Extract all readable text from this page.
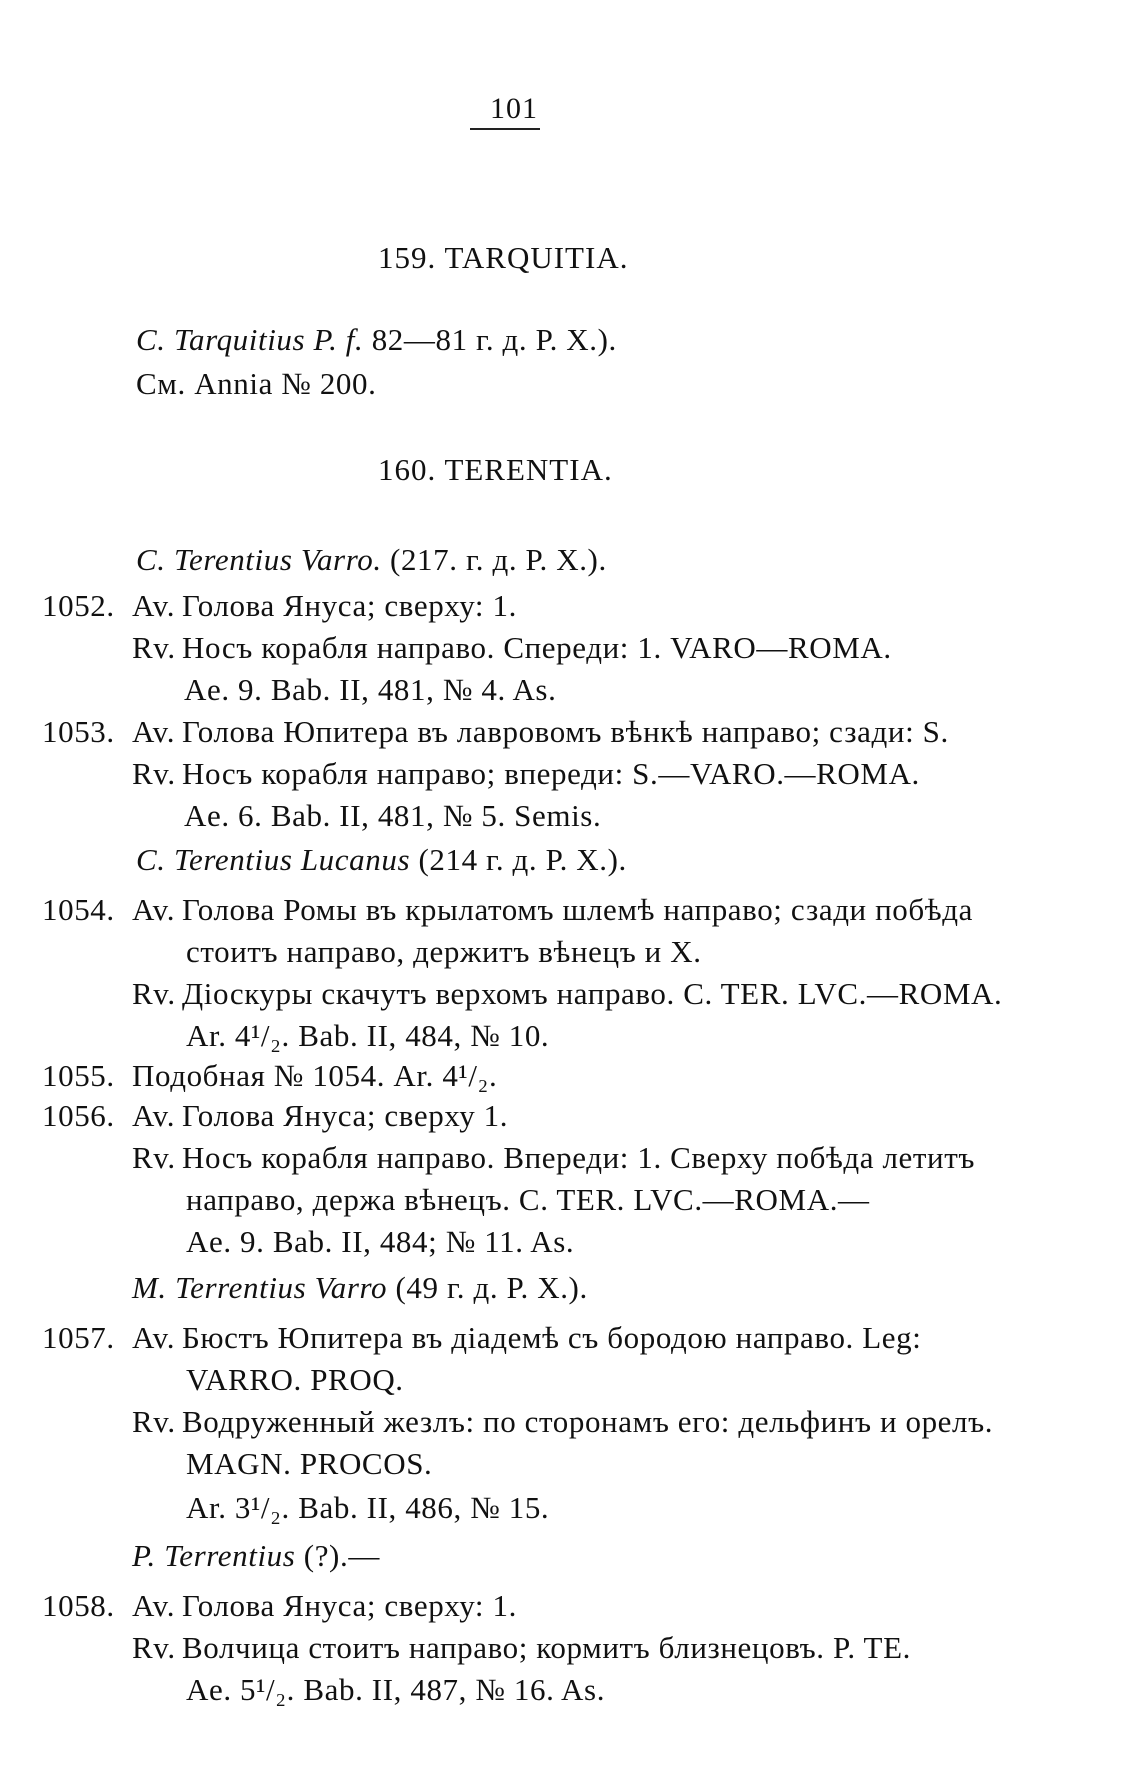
101
159. TARQUITIA.
C. Tarquitius P. f. 82—81 г. д. Р. X.).
См. Annia № 200.
160. TERENTIA.
C. Terentius Varro. (217. г. д. Р. X.).
1052. Av. Голова Януса; сверху: 1.
Rv. Носъ корабля направо. Спереди: 1. VARO—ROMA.
Ae. 9. Bab. II, 481, № 4. As.
1053. Av. Голова Юпитера въ лавровомъ вѣнкѣ направо; сзади: S.
Rv. Носъ корабля направо; впереди: S.—VARO.—ROMA.
Ae. 6. Bab. II, 481, № 5. Semis.
C. Terentius Lucanus (214 г. д. Р. X.).
1054. Av. Голова Ромы въ крылатомъ шлемѣ направо; сзади побѣда
стоитъ направо, держитъ вѣнецъ и X.
Rv. Діоскуры скачутъ верхомъ направо. C. TER. LVC.—ROMA.
Ar. 4¹/₂. Bab. II, 484, № 10.
1055. Подобная № 1054. Ar. 4¹/₂.
1056. Av. Голова Януса; сверху 1.
Rv. Носъ корабля направо. Впереди: 1. Сверху побѣда летитъ
направо, держа вѣнецъ. C. TER. LVC.—ROMA.—
Ae. 9. Bab. II, 484; № 11. As.
M. Terrentius Varro (49 г. д. Р. X.).
1057. Av. Бюстъ Юпитера въ діадемѣ съ бородою направо. Leg:
VARRO. PROQ.
Rv. Водруженный жезлъ: по сторонамъ его: дельфинъ и орелъ.
MAGN. PROCOS.
Ar. 3¹/₂. Bab. II, 486, № 15.
P. Terrentius (?).—
1058. Av. Голова Януса; сверху: 1.
Rv. Волчица стоитъ направо; кормитъ близнецовъ. P. TE.
Ae. 5¹/₂. Bab. II, 487, № 16. As.
